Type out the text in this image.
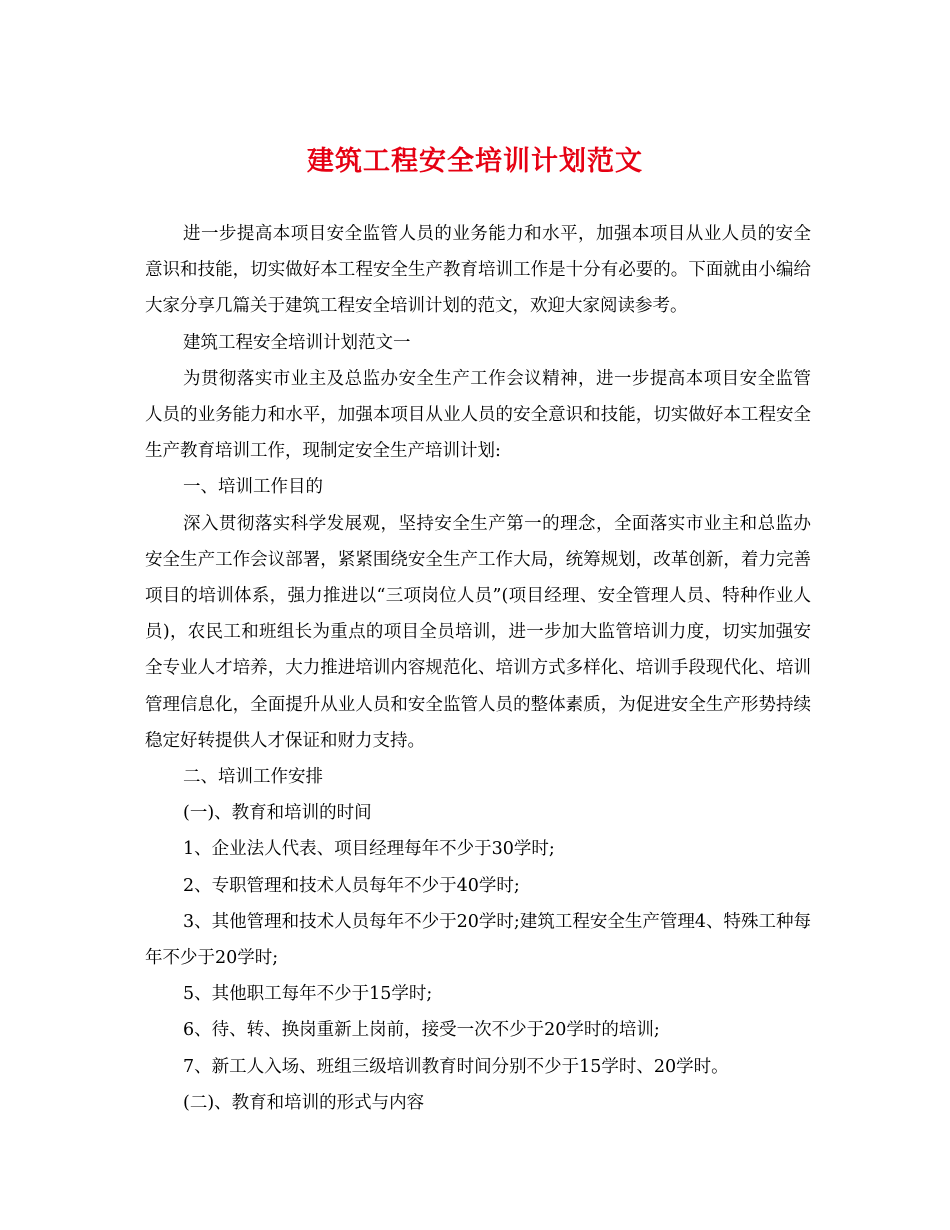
建筑工程安全培训计划范文

进一步提高本项目安全监管人员的业务能力和水平，加强本项目从业人员的安全意识和技能，切实做好本工程安全生产教育培训工作是十分有必要的。下面就由小编给大家分享几篇关于建筑工程安全培训计划的范文，欢迎大家阅读参考。

建筑工程安全培训计划范文一

为贯彻落实市业主及总监办安全生产工作会议精神，进一步提高本项目安全监管人员的业务能力和水平，加强本项目从业人员的安全意识和技能，切实做好本工程安全生产教育培训工作，现制定安全生产培训计划:

一、培训工作目的

深入贯彻落实科学发展观，坚持安全生产第一的理念，全面落实市业主和总监办安全生产工作会议部署，紧紧围绕安全生产工作大局，统筹规划，改革创新，着力完善项目的培训体系，强力推进以“三项岗位人员”(项目经理、安全管理人员、特种作业人员)，农民工和班组长为重点的项目全员培训，进一步加大监管培训力度，切实加强安全专业人才培养，大力推进培训内容规范化、培训方式多样化、培训手段现代化、培训管理信息化，全面提升从业人员和安全监管人员的整体素质，为促进安全生产形势持续稳定好转提供人才保证和财力支持。

二、培训工作安排

(一)、教育和培训的时间

1、企业法人代表、项目经理每年不少于30学时;

2、专职管理和技术人员每年不少于40学时;

3、其他管理和技术人员每年不少于20学时;建筑工程安全生产管理4、特殊工种每年不少于20学时;

5、其他职工每年不少于15学时;

6、待、转、换岗重新上岗前，接受一次不少于20学时的培训;

7、新工人入场、班组三级培训教育时间分别不少于15学时、20学时。

(二)、教育和培训的形式与内容
